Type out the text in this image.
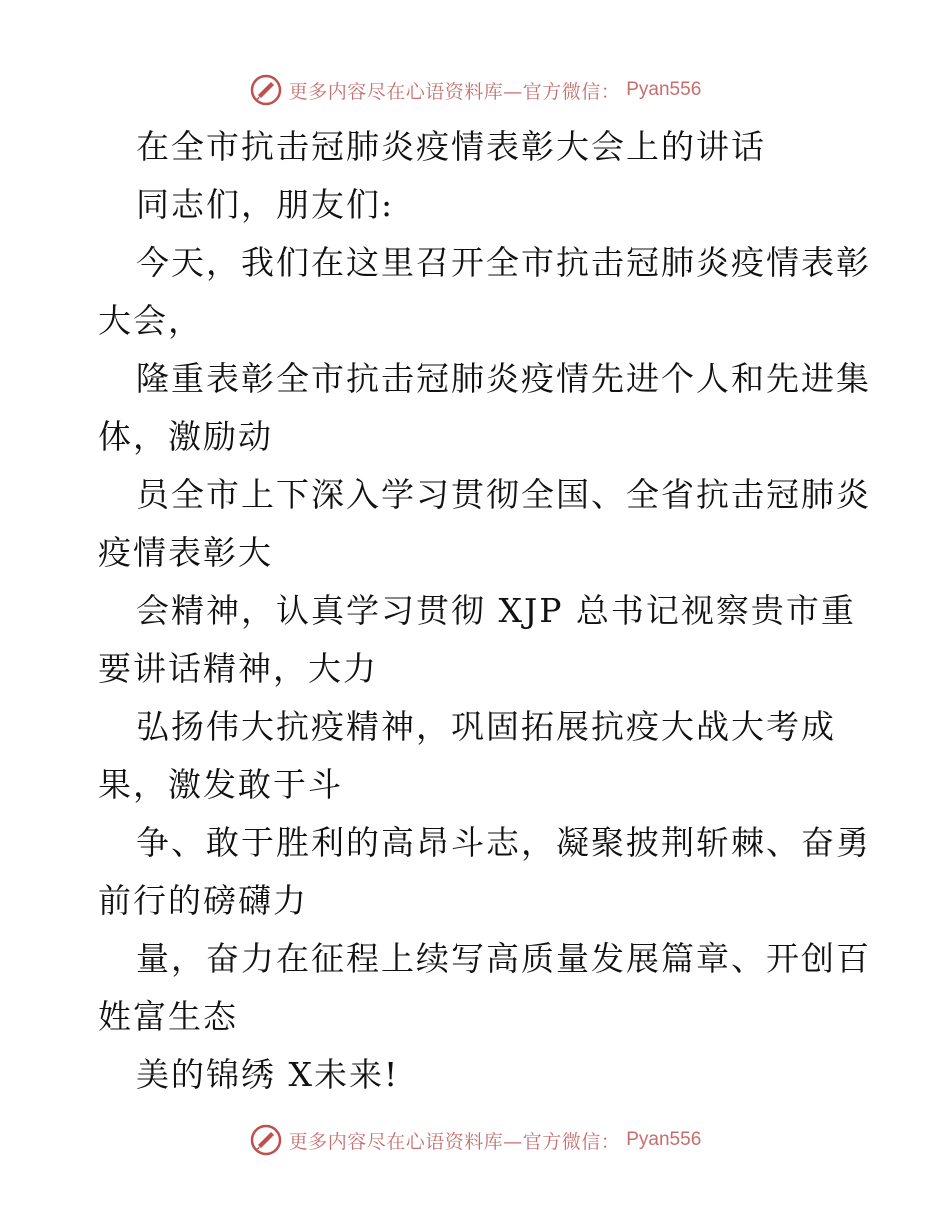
更多内容尽在心语资料库—官方微信： Pyan556
在全市抗击冠肺炎疫情表彰大会上的讲话
同志们，朋友们:
今天，我们在这里召开全市抗击冠肺炎疫情表彰
大会，
隆重表彰全市抗击冠肺炎疫情先进个人和先进集
体，激励动
员全市上下深入学习贯彻全国、全省抗击冠肺炎
疫情表彰大
会精神，认真学习贯彻 XJP 总书记视察贵市重
要讲话精神，大力
弘扬伟大抗疫精神，巩固拓展抗疫大战大考成
果，激发敢于斗
争、敢于胜利的高昂斗志，凝聚披荆斩棘、奋勇
前行的磅礴力
量，奋力在征程上续写高质量发展篇章、开创百
姓富生态
美的锦绣 X未来!
更多内容尽在心语资料库—官方微信： Pyan556
